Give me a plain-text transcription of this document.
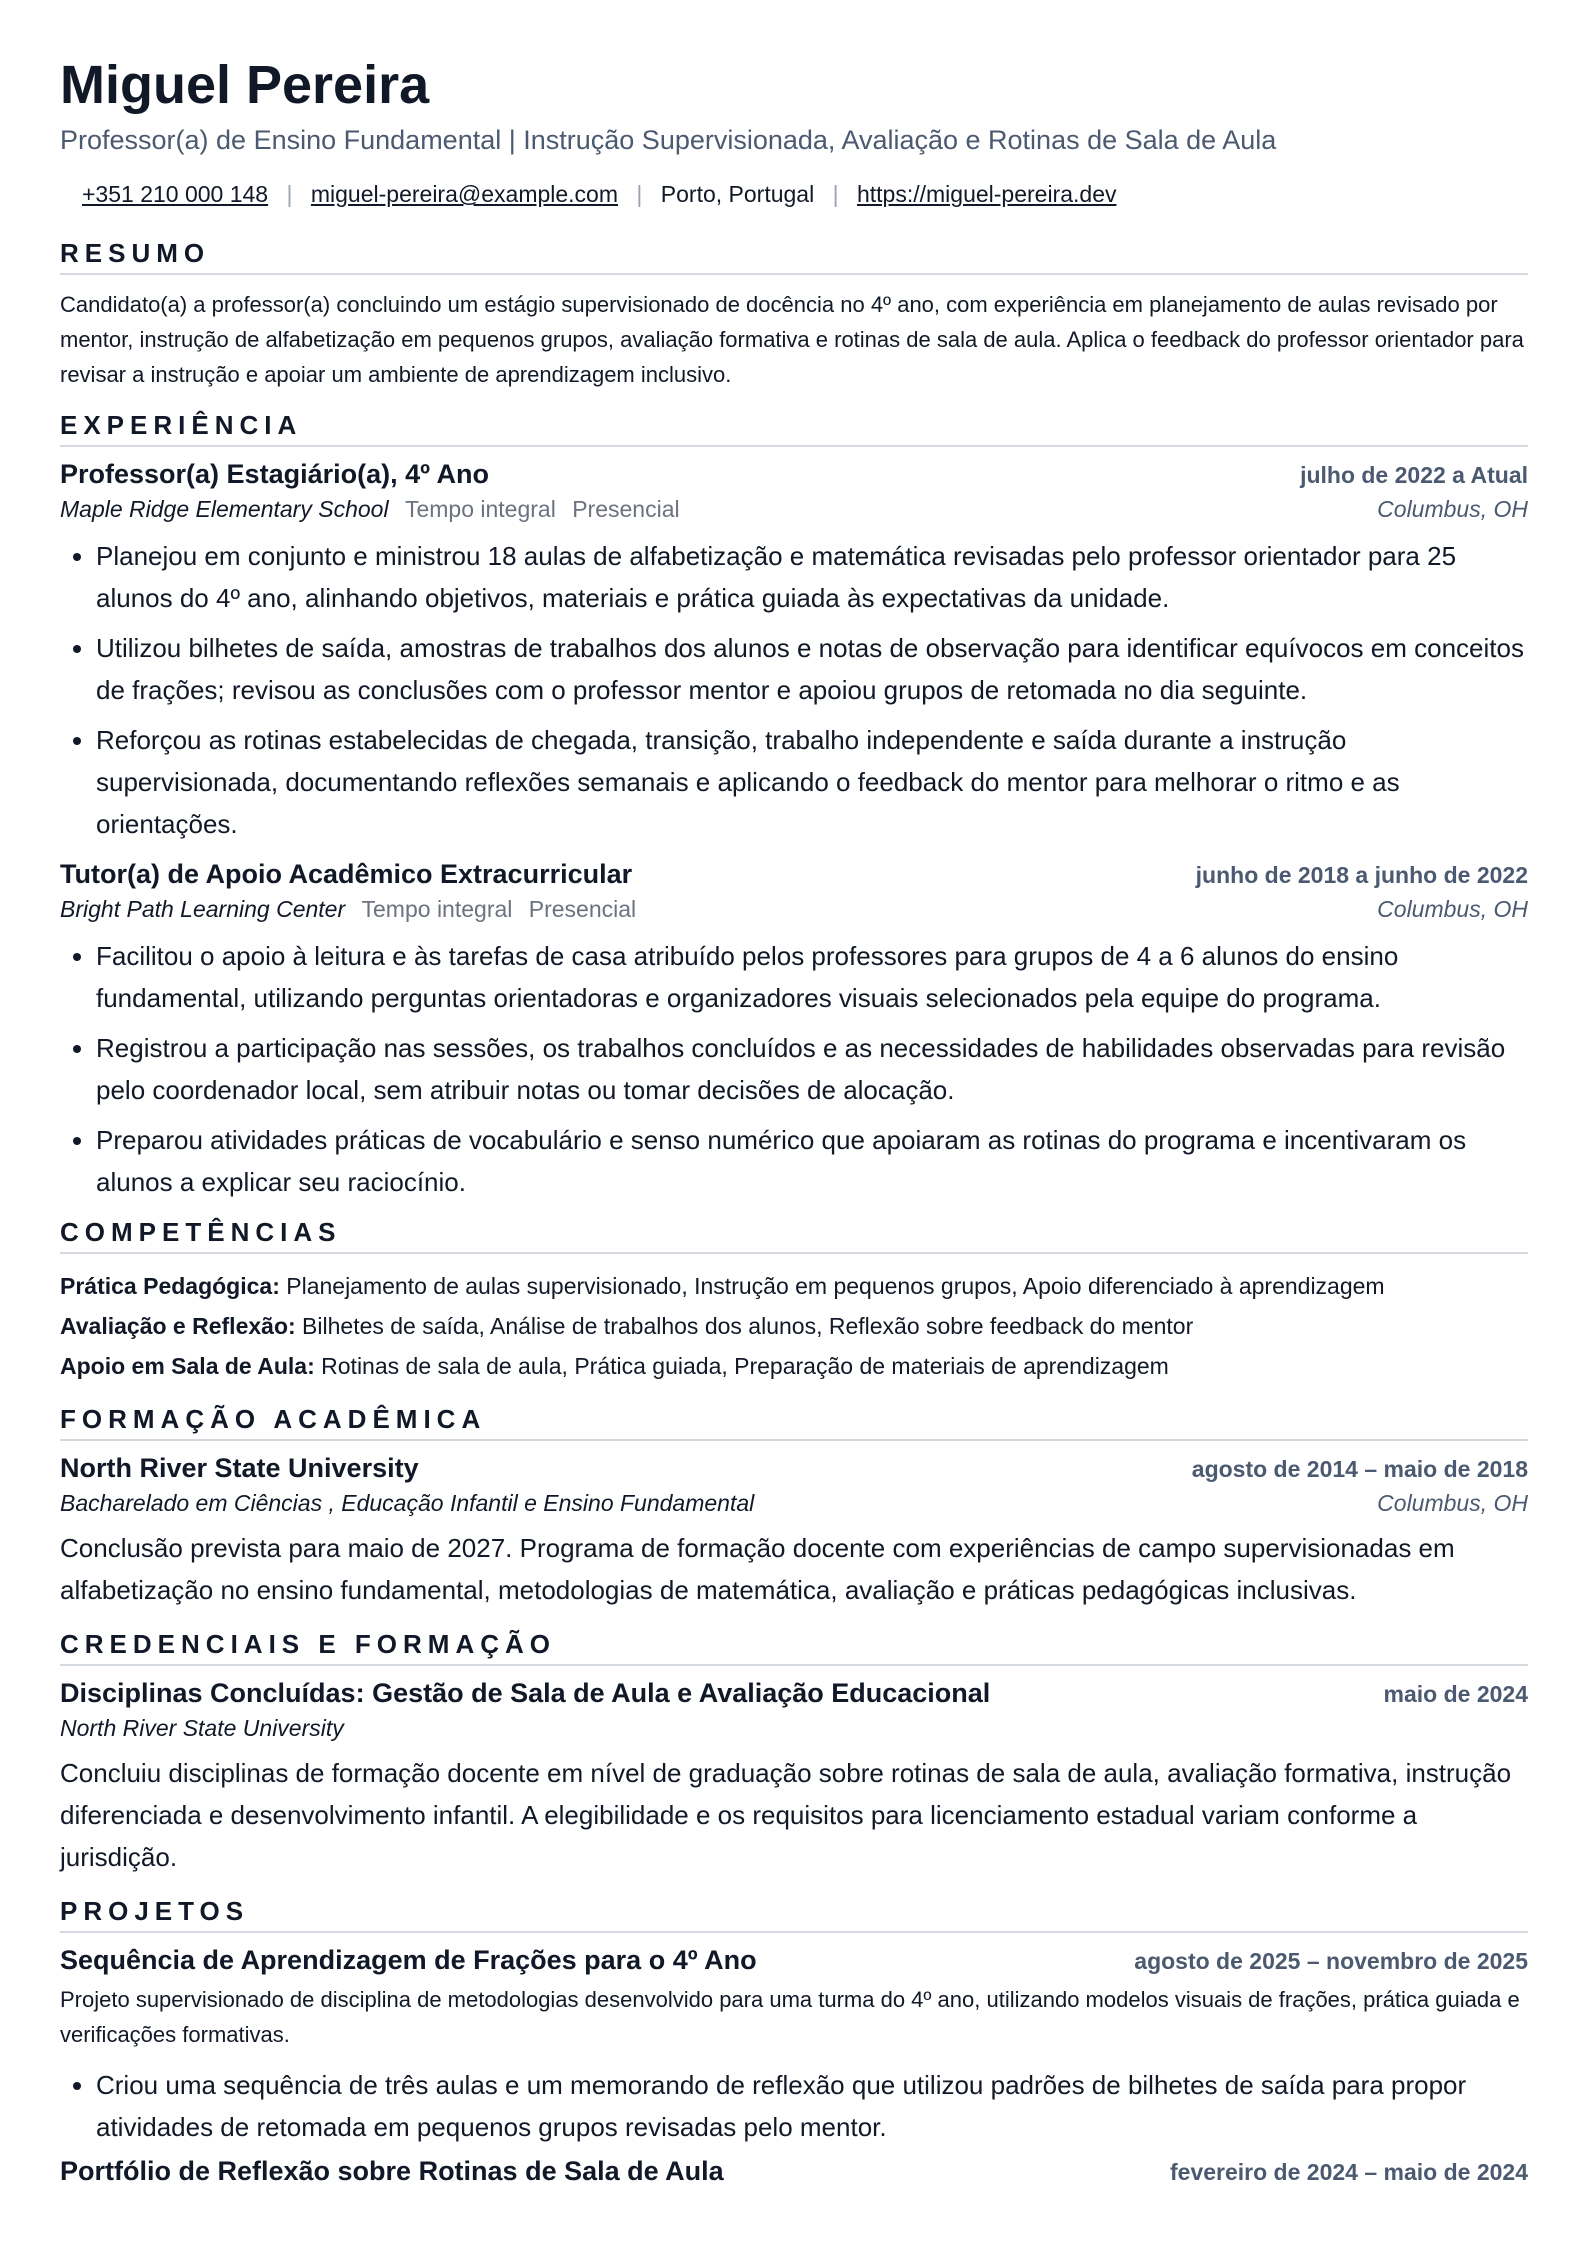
Miguel Pereira
Professor(a) de Ensino Fundamental | Instrução Supervisionada, Avaliação e Rotinas de Sala de Aula
+351 210 000 148 | miguel-pereira@example.com | Porto, Portugal | https://miguel-pereira.dev
RESUMO
Candidato(a) a professor(a) concluindo um estágio supervisionado de docência no 4º ano, com experiência em planejamento de aulas revisado por mentor, instrução de alfabetização em pequenos grupos, avaliação formativa e rotinas de sala de aula. Aplica o feedback do professor orientador para revisar a instrução e apoiar um ambiente de aprendizagem inclusivo.
EXPERIÊNCIA
Professor(a) Estagiário(a), 4º Ano	julho de 2022 a Atual
Maple Ridge Elementary School Tempo integral Presencial	Columbus, OH
• Planejou em conjunto e ministrou 18 aulas de alfabetização e matemática revisadas pelo professor orientador para 25 alunos do 4º ano, alinhando objetivos, materiais e prática guiada às expectativas da unidade.
• Utilizou bilhetes de saída, amostras de trabalhos dos alunos e notas de observação para identificar equívocos em conceitos de frações; revisou as conclusões com o professor mentor e apoiou grupos de retomada no dia seguinte.
• Reforçou as rotinas estabelecidas de chegada, transição, trabalho independente e saída durante a instrução supervisionada, documentando reflexões semanais e aplicando o feedback do mentor para melhorar o ritmo e as orientações.
Tutor(a) de Apoio Acadêmico Extracurricular	junho de 2018 a junho de 2022
Bright Path Learning Center Tempo integral Presencial	Columbus, OH
• Facilitou o apoio à leitura e às tarefas de casa atribuído pelos professores para grupos de 4 a 6 alunos do ensino fundamental, utilizando perguntas orientadoras e organizadores visuais selecionados pela equipe do programa.
• Registrou a participação nas sessões, os trabalhos concluídos e as necessidades de habilidades observadas para revisão pelo coordenador local, sem atribuir notas ou tomar decisões de alocação.
• Preparou atividades práticas de vocabulário e senso numérico que apoiaram as rotinas do programa e incentivaram os alunos a explicar seu raciocínio.
COMPETÊNCIAS
Prática Pedagógica: Planejamento de aulas supervisionado, Instrução em pequenos grupos, Apoio diferenciado à aprendizagem
Avaliação e Reflexão: Bilhetes de saída, Análise de trabalhos dos alunos, Reflexão sobre feedback do mentor
Apoio em Sala de Aula: Rotinas de sala de aula, Prática guiada, Preparação de materiais de aprendizagem
FORMAÇÃO ACADÊMICA
North River State University	agosto de 2014 – maio de 2018
Bacharelado em Ciências , Educação Infantil e Ensino Fundamental	Columbus, OH
Conclusão prevista para maio de 2027. Programa de formação docente com experiências de campo supervisionadas em alfabetização no ensino fundamental, metodologias de matemática, avaliação e práticas pedagógicas inclusivas.
CREDENCIAIS E FORMAÇÃO
Disciplinas Concluídas: Gestão de Sala de Aula e Avaliação Educacional	maio de 2024
North River State University
Concluiu disciplinas de formação docente em nível de graduação sobre rotinas de sala de aula, avaliação formativa, instrução diferenciada e desenvolvimento infantil. A elegibilidade e os requisitos para licenciamento estadual variam conforme a jurisdição.
PROJETOS
Sequência de Aprendizagem de Frações para o 4º Ano	agosto de 2025 – novembro de 2025
Projeto supervisionado de disciplina de metodologias desenvolvido para uma turma do 4º ano, utilizando modelos visuais de frações, prática guiada e verificações formativas.
• Criou uma sequência de três aulas e um memorando de reflexão que utilizou padrões de bilhetes de saída para propor atividades de retomada em pequenos grupos revisadas pelo mentor.
Portfólio de Reflexão sobre Rotinas de Sala de Aula	fevereiro de 2024 – maio de 2024
